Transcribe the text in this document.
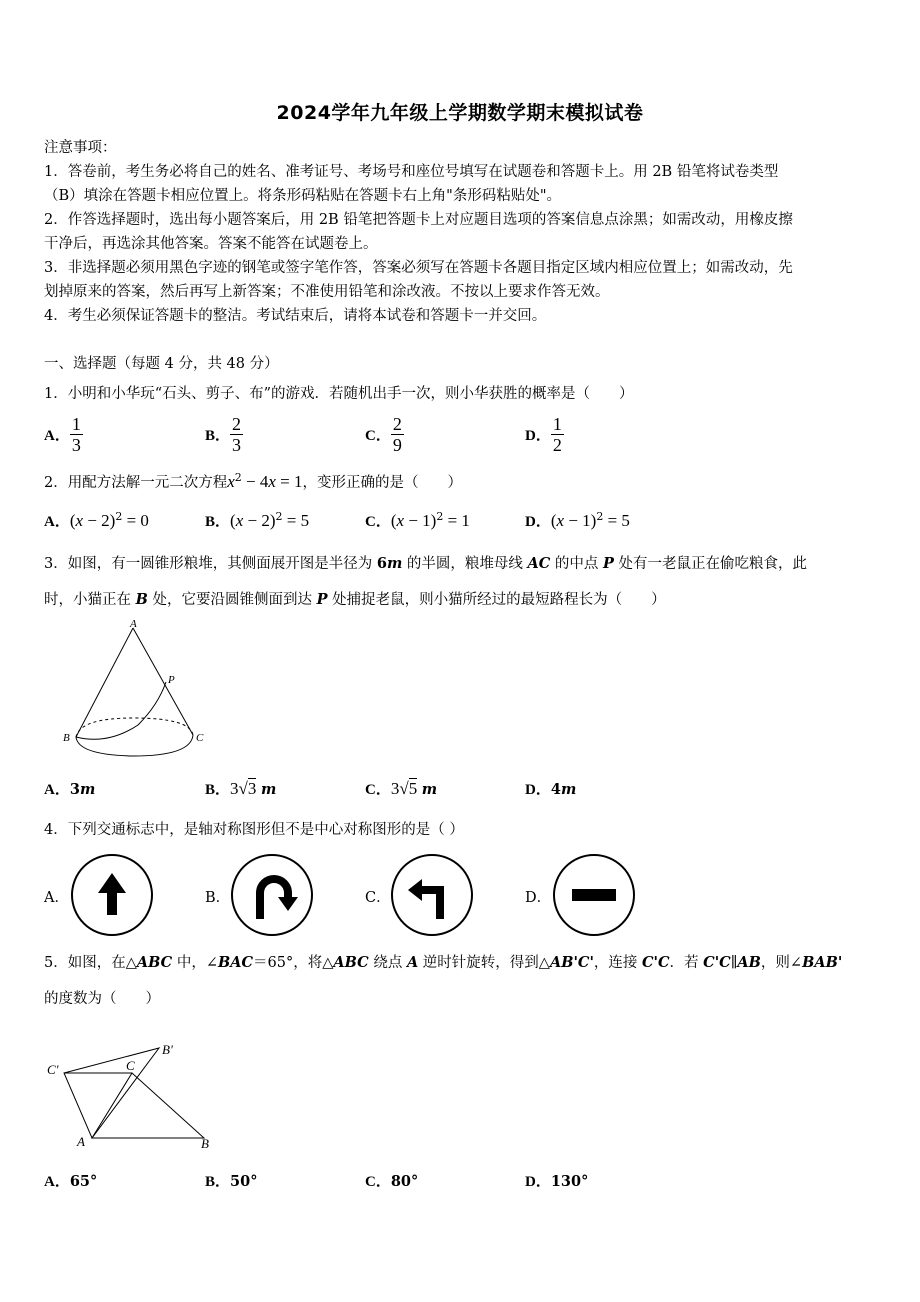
2024学年九年级上学期数学期末模拟试卷
注意事项：
1．答卷前，考生务必将自己的姓名、准考证号、考场号和座位号填写在试题卷和答题卡上。用 2B 铅笔将试卷类型
（B）填涂在答题卡相应位置上。将条形码粘贴在答题卡右上角"条形码粘贴处"。
2．作答选择题时，选出每小题答案后，用 2B 铅笔把答题卡上对应题目选项的答案信息点涂黑；如需改动，用橡皮擦
干净后，再选涂其他答案。答案不能答在试题卷上。
3．非选择题必须用黑色字迹的钢笔或签字笔作答，答案必须写在答题卡各题目指定区域内相应位置上；如需改动，先
划掉原来的答案，然后再写上新答案；不准使用铅笔和涂改液。不按以上要求作答无效。
4．考生必须保证答题卡的整洁。考试结束后，请将本试卷和答题卡一并交回。
一、选择题（每题 4 分，共 48 分）
1．小明和小华玩“石头、剪子、布”的游戏．若随机出手一次，则小华获胜的概率是（　　）
A． $\frac{1}{3}$	B． $\frac{2}{3}$	C． $\frac{2}{9}$	D． $\frac{1}{2}$
2．用配方法解一元二次方程$x^2 - 4x = 1$，变形正确的是（　　）
A．$(x - 2)^2 = 0$	B．$(x - 2)^2 = 5$	C．$(x - 1)^2 = 1$	D．$(x - 1)^2 = 5$
3．如图，有一圆锥形粮堆，其侧面展开图是半径为 6m 的半圆，粮堆母线 AC 的中点 P 处有一老鼠正在偷吃粮食，此
时，小猫正在 B 处，它要沿圆锥侧面到达 P 处捕捉老鼠，则小猫所经过的最短路程长为（　　）
A
P
B	C
A．3m	B．3√3 m	C．3√5 m	D．4m
4．下列交通标志中，是轴对称图形但不是中心对称图形的是（ ）
A．	B．	C．	D．
5．如图，在△ABC 中，∠BAC＝65°，将△ABC 绕点 A 逆时针旋转，得到△AB'C'，连接 C'C．若 C'C∥AB，则∠BAB'
的度数为（　　）
C'	C
B'
A	B
A．65°	B．50°	C．80°	D．130°
